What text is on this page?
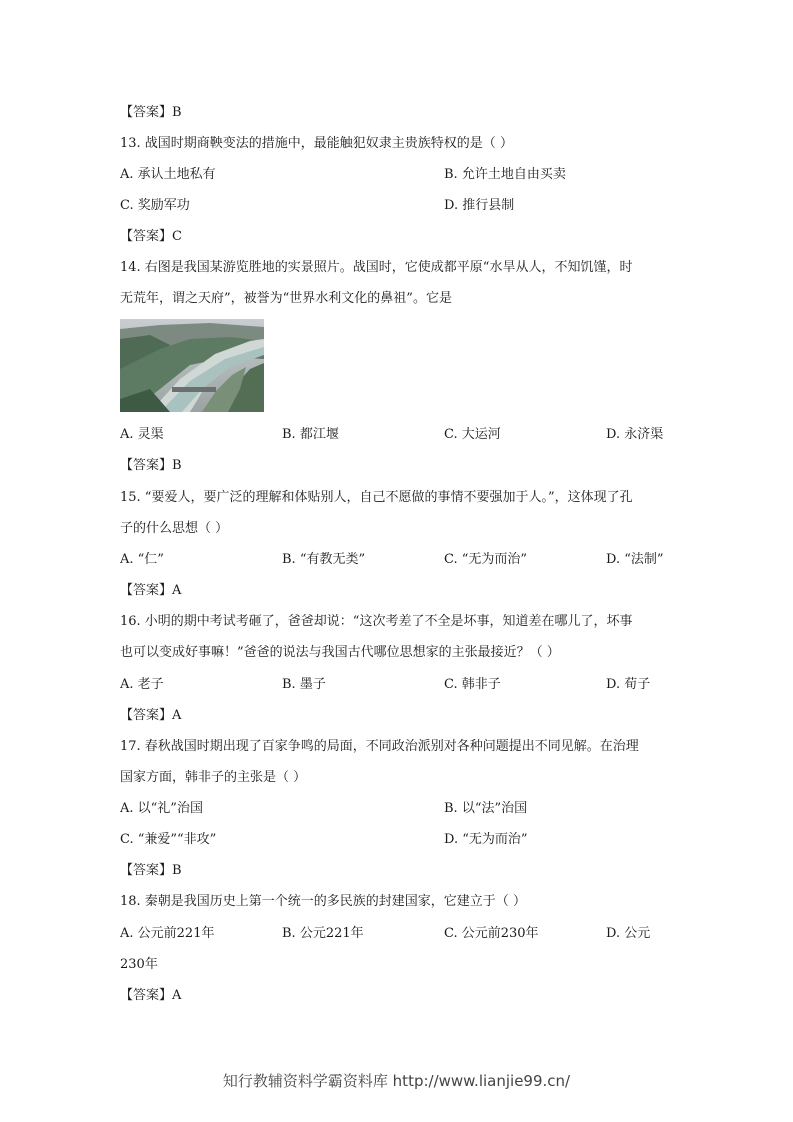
【答案】B
13. 战国时期商鞅变法的措施中，最能触犯奴隶主贵族特权的是（ ）
A. 承认土地私有	B. 允许土地自由买卖
C. 奖励军功	D. 推行县制
【答案】C
14. 右图是我国某游览胜地的实景照片。战国时，它使成都平原“水旱从人，不知饥馑，时
无荒年，谓之天府”，被誉为“世界水利文化的鼻祖”。它是
A. 灵渠	B. 都江堰	C. 大运河	D. 永济渠
【答案】B
15. “要爱人，要广泛的理解和体贴别人，自己不愿做的事情不要强加于人。”，这体现了孔
子的什么思想（ ）
A. “仁”	B. “有教无类”	C. “无为而治”	D. “法制”
【答案】A
16. 小明的期中考试考砸了，爸爸却说：“这次考差了不全是坏事，知道差在哪儿了，坏事
也可以变成好事嘛！”爸爸的说法与我国古代哪位思想家的主张最接近？（ ）
A. 老子	B. 墨子	C. 韩非子	D. 荀子
【答案】A
17. 春秋战国时期出现了百家争鸣的局面，不同政治派别对各种问题提出不同见解。在治理
国家方面，韩非子的主张是（ ）
A. 以“礼”治国	B. 以“法”治国
C. “兼爱”“非攻”	D. “无为而治”
【答案】B
18. 秦朝是我国历史上第一个统一的多民族的封建国家，它建立于（ ）
A. 公元前221年	B. 公元221年	C. 公元前230年	D. 公元
230年
【答案】A
知行教辅资料学霸资料库 http://www.lianjie99.cn/
